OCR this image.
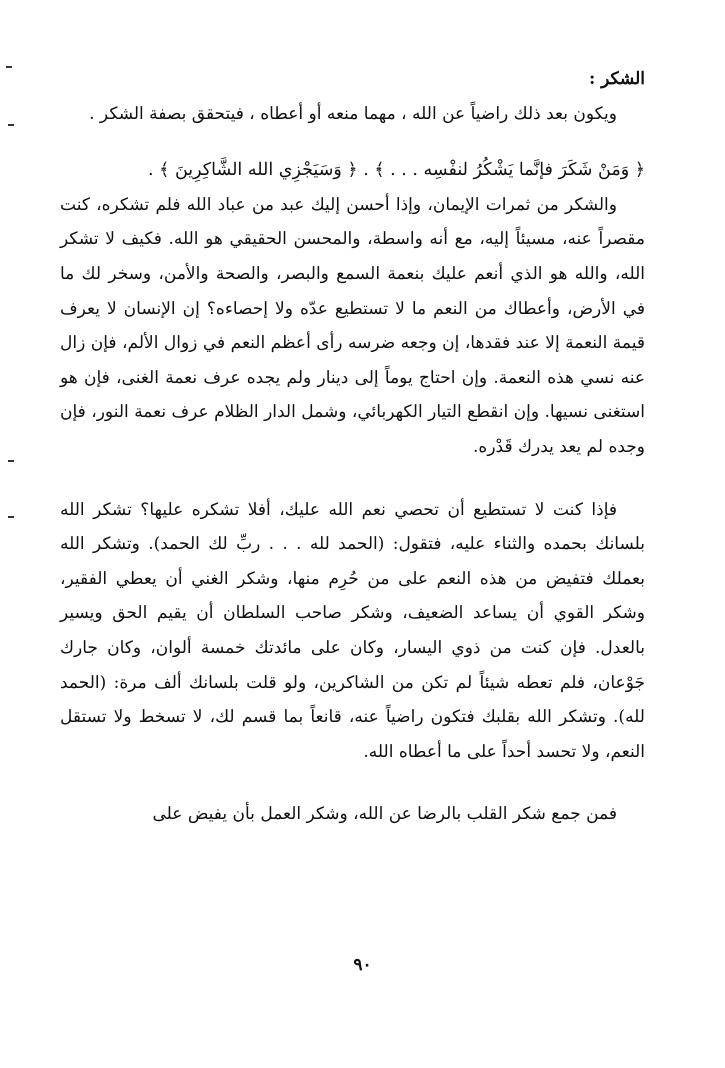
الشكر :

ويكون بعد ذلك راضياً عن الله ، مهما منعه أو أعطاه ، فيتحقق بصفة الشكر .

﴿ وَمَنْ شَكَرَ فإنَّما يَشْكُرُ لنفْسِه . . . ﴾ . ﴿ وَسَيَجْزِي الله الشَّاكِرِينَ ﴾ .

والشكر من ثمرات الإيمان، وإذا أحسن إليك عبد من عباد الله فلم تشكره، كنت مقصراً عنه، مسيئاً إليه، مع أنه واسطة، والمحسن الحقيقي هو الله. فكيف لا تشكر الله، والله هو الذي أنعم عليك بنعمة السمع والبصر، والصحة والأمن، وسخر لك ما في الأرض، وأعطاك من النعم ما لا تستطيع عدّه ولا إحصاءه؟ إن الإنسان لا يعرف قيمة النعمة إلا عند فقدها، إن وجعه ضرسه رأى أعظم النعم في زوال الألم، فإن زال عنه نسي هذه النعمة. وإن احتاج يوماً إلى دينار ولم يجده عرف نعمة الغنى، فإن هو استغنى نسيها. وإن انقطع التيار الكهربائي، وشمل الدار الظلام عرف نعمة النور، فإن وجده لم يعد يدرك قَدْره.

فإذا كنت لا تستطيع أن تحصي نعم الله عليك، أفلا تشكره عليها؟ تشكر الله بلسانك بحمده والثناء عليه، فتقول: (الحمد لله . . . ربِّ لك الحمد). وتشكر الله بعملك فتفيض من هذه النعم على من حُرِم منها، وشكر الغني أن يعطي الفقير، وشكر القوي أن يساعد الضعيف، وشكر صاحب السلطان أن يقيم الحق ويسير بالعدل. فإن كنت من ذوي اليسار، وكان على مائدتك خمسة ألوان، وكان جارك جَوْعان، فلم تعطه شيئاً لم تكن من الشاكرين، ولو قلت بلسانك ألف مرة: (الحمد لله). وتشكر الله بقلبك فتكون راضياً عنه، قانعاً بما قسم لك، لا تسخط ولا تستقل النعم، ولا تحسد أحداً على ما أعطاه الله.

فمن جمع شكر القلب بالرضا عن الله، وشكر العمل بأن يفيض على

٩٠
